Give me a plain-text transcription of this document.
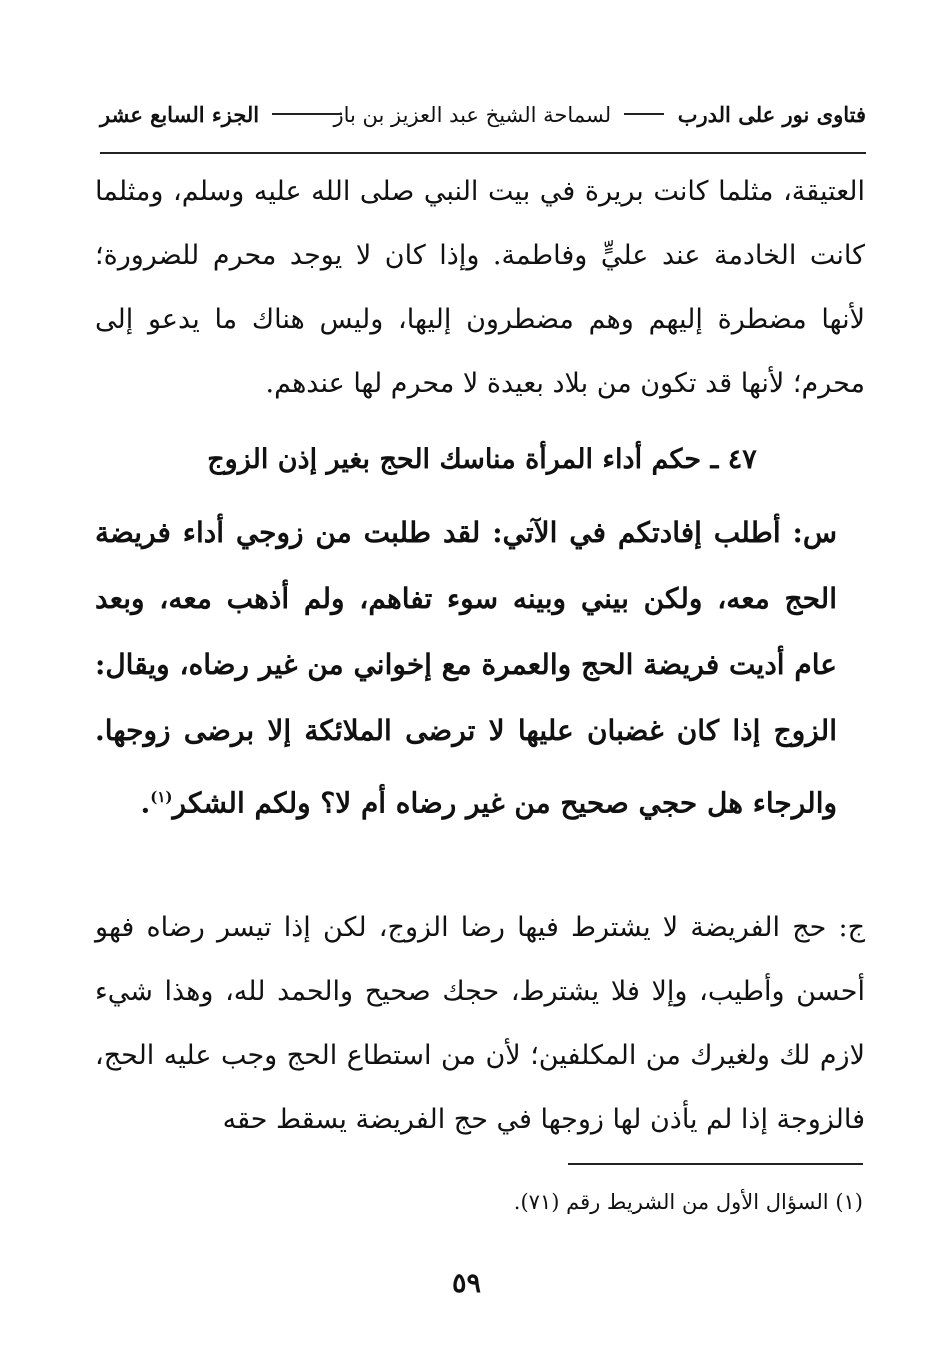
فتاوى نور على الدرب  لسماحة الشيخ عبد العزيز بن باز
الجزء السابع عشر

العتيقة، مثلما كانت بريرة في بيت النبي صلى الله عليه وسلم، ومثلما كانت الخادمة عند عليٍّ وفاطمة. وإذا كان لا يوجد محرم للضرورة؛ لأنها مضطرة إليهم وهم مضطرون إليها، وليس هناك ما يدعو إلى محرم؛ لأنها قد تكون من بلاد بعيدة لا محرم لها عندهم.

٤٧ ـ حكم أداء المرأة مناسك الحج بغير إذن الزوج

س: أطلب إفادتكم في الآتي: لقد طلبت من زوجي أداء فريضة الحج معه، ولكن بيني وبينه سوء تفاهم، ولم أذهب معه، وبعد عام أديت فريضة الحج والعمرة مع إخواني من غير رضاه، ويقال: الزوج إذا كان غضبان عليها لا ترضى الملائكة إلا برضى زوجها. والرجاء هل حجي صحيح من غير رضاه أم لا؟ ولكم الشكر$^{(١)}$.

ج: حج الفريضة لا يشترط فيها رضا الزوج، لكن إذا تيسر رضاه فهو أحسن وأطيب، وإلا فلا يشترط، حجك صحيح والحمد لله، وهذا شيء لازم لك ولغيرك من المكلفين؛ لأن من استطاع الحج وجب عليه الحج، فالزوجة إذا لم يأذن لها زوجها في حج الفريضة يسقط حقه

(١) السؤال الأول من الشريط رقم (٧١).

٥٩
